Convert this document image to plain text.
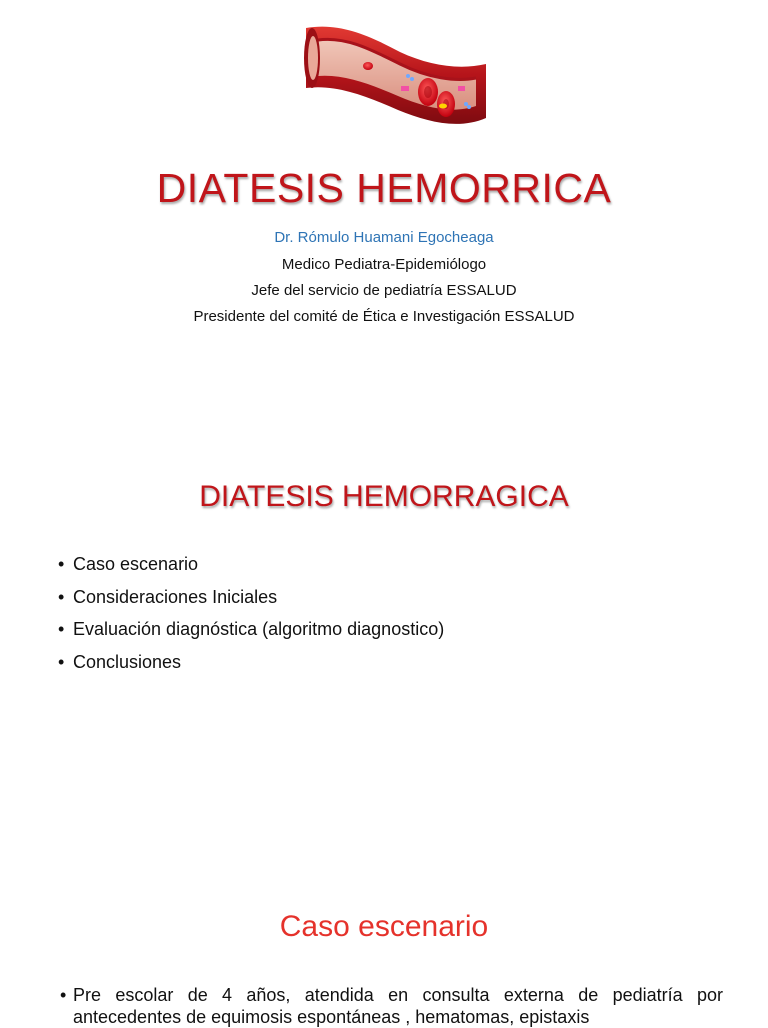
DIATESIS HEMORRICA
Dr. Rómulo Huamani Egocheaga
Medico Pediatra-Epidemiólogo
Jefe del servicio de pediatría ESSALUD
Presidente del comité de Ética e Investigación ESSALUD
DIATESIS HEMORRAGICA
• Caso escenario
• Consideraciones Iniciales
• Evaluación diagnóstica (algoritmo diagnostico)
• Conclusiones
Caso escenario
• Pre escolar de 4 años, atendida en consulta externa de pediatría por antecedentes de equimosis espontáneas , hematomas, epistaxis
